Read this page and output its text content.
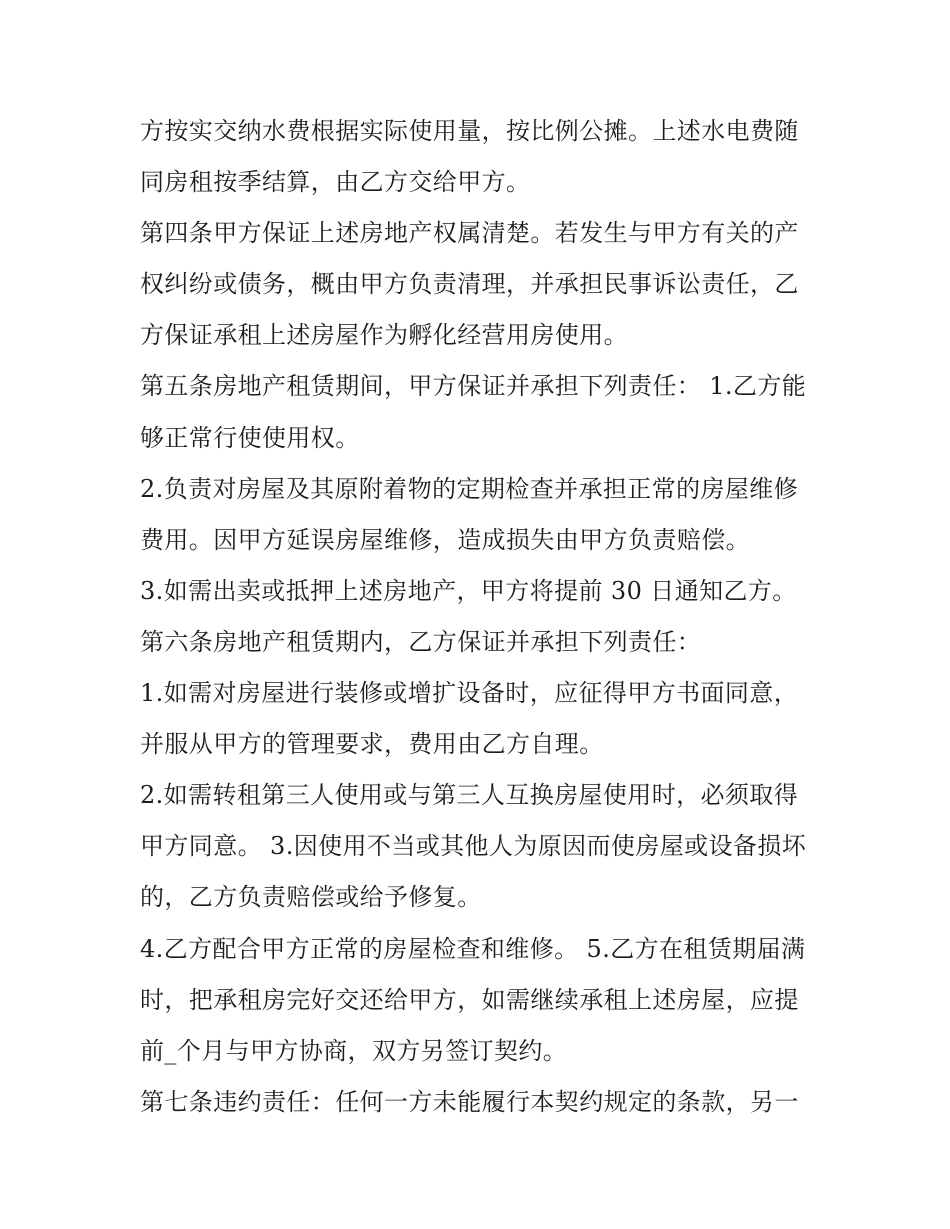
方按实交纳水费根据实际使用量，按比例公摊。上述水电费随
同房租按季结算，由乙方交给甲方。
第四条甲方保证上述房地产权属清楚。若发生与甲方有关的产
权纠纷或债务，概由甲方负责清理，并承担民事诉讼责任，乙
方保证承租上述房屋作为孵化经营用房使用。
第五条房地产租赁期间，甲方保证并承担下列责任： 1.乙方能
够正常行使使用权。
2.负责对房屋及其原附着物的定期检查并承担正常的房屋维修
费用。因甲方延误房屋维修，造成损失由甲方负责赔偿。
3.如需出卖或抵押上述房地产，甲方将提前 30 日通知乙方。
第六条房地产租赁期内，乙方保证并承担下列责任：
1.如需对房屋进行装修或增扩设备时，应征得甲方书面同意，
并服从甲方的管理要求，费用由乙方自理。
2.如需转租第三人使用或与第三人互换房屋使用时，必须取得
甲方同意。 3.因使用不当或其他人为原因而使房屋或设备损坏
的，乙方负责赔偿或给予修复。
4.乙方配合甲方正常的房屋检查和维修。 5.乙方在租赁期届满
时，把承租房完好交还给甲方，如需继续承租上述房屋，应提
前_个月与甲方协商，双方另签订契约。
第七条违约责任：任何一方未能履行本契约规定的条款，另一
